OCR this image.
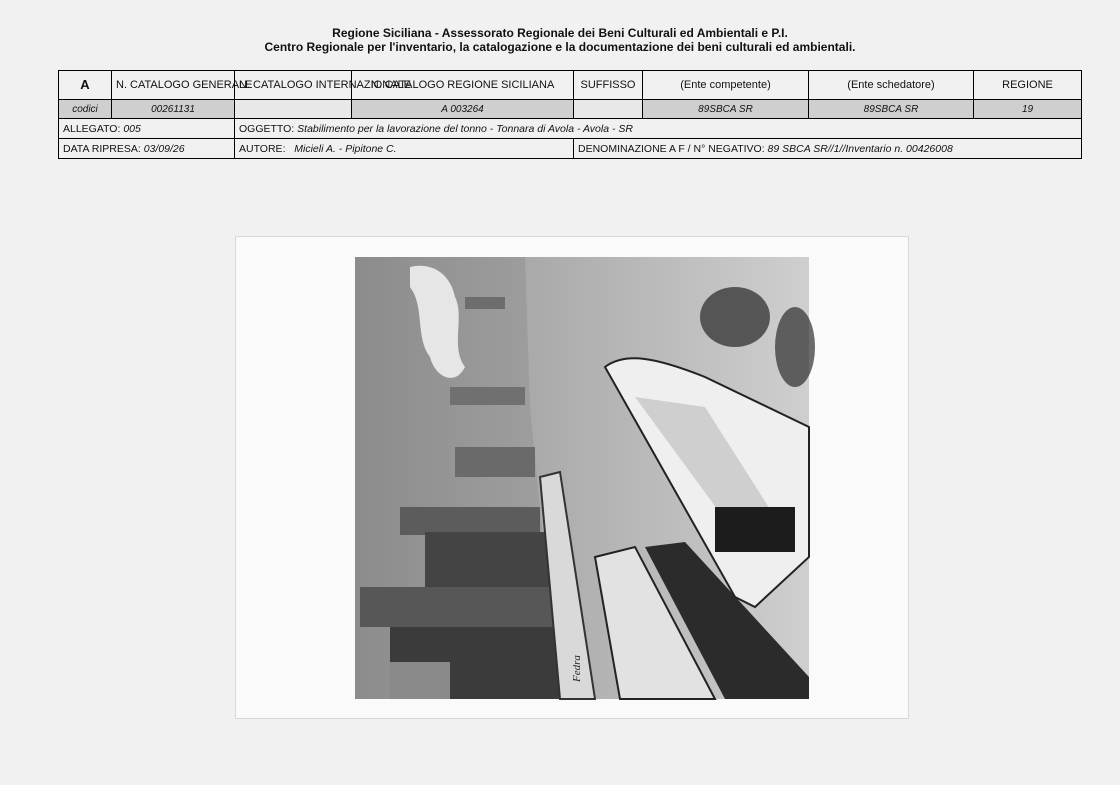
Regione Siciliana - Assessorato Regionale dei Beni Culturali ed Ambientali e P.I.
Centro Regionale per l'inventario, la catalogazione e la documentazione dei beni culturali ed ambientali.
A	N. CATALOGO GENERALE	N. CATALOGO INTERNAZIONALE	N. CATALOGO REGIONE SICILIANA	SUFFISSO	(Ente competente)	(Ente schedatore)	REGIONE
codici	00261131		A 003264		89SBCA SR	89SBCA SR	19
ALLEGATO: 005		OGGETTO: Stabilimento per la lavorazione del tonno - Tonnara di Avola - Avola - SR					
DATA RIPRESA: 03/09/26		AUTORE: Micieli A. - Pipitone C.		DENOMINAZIONE A F / N° NEGATIVO: 89 SBCA SR//1//Inventario n. 00426008			
Fedra
